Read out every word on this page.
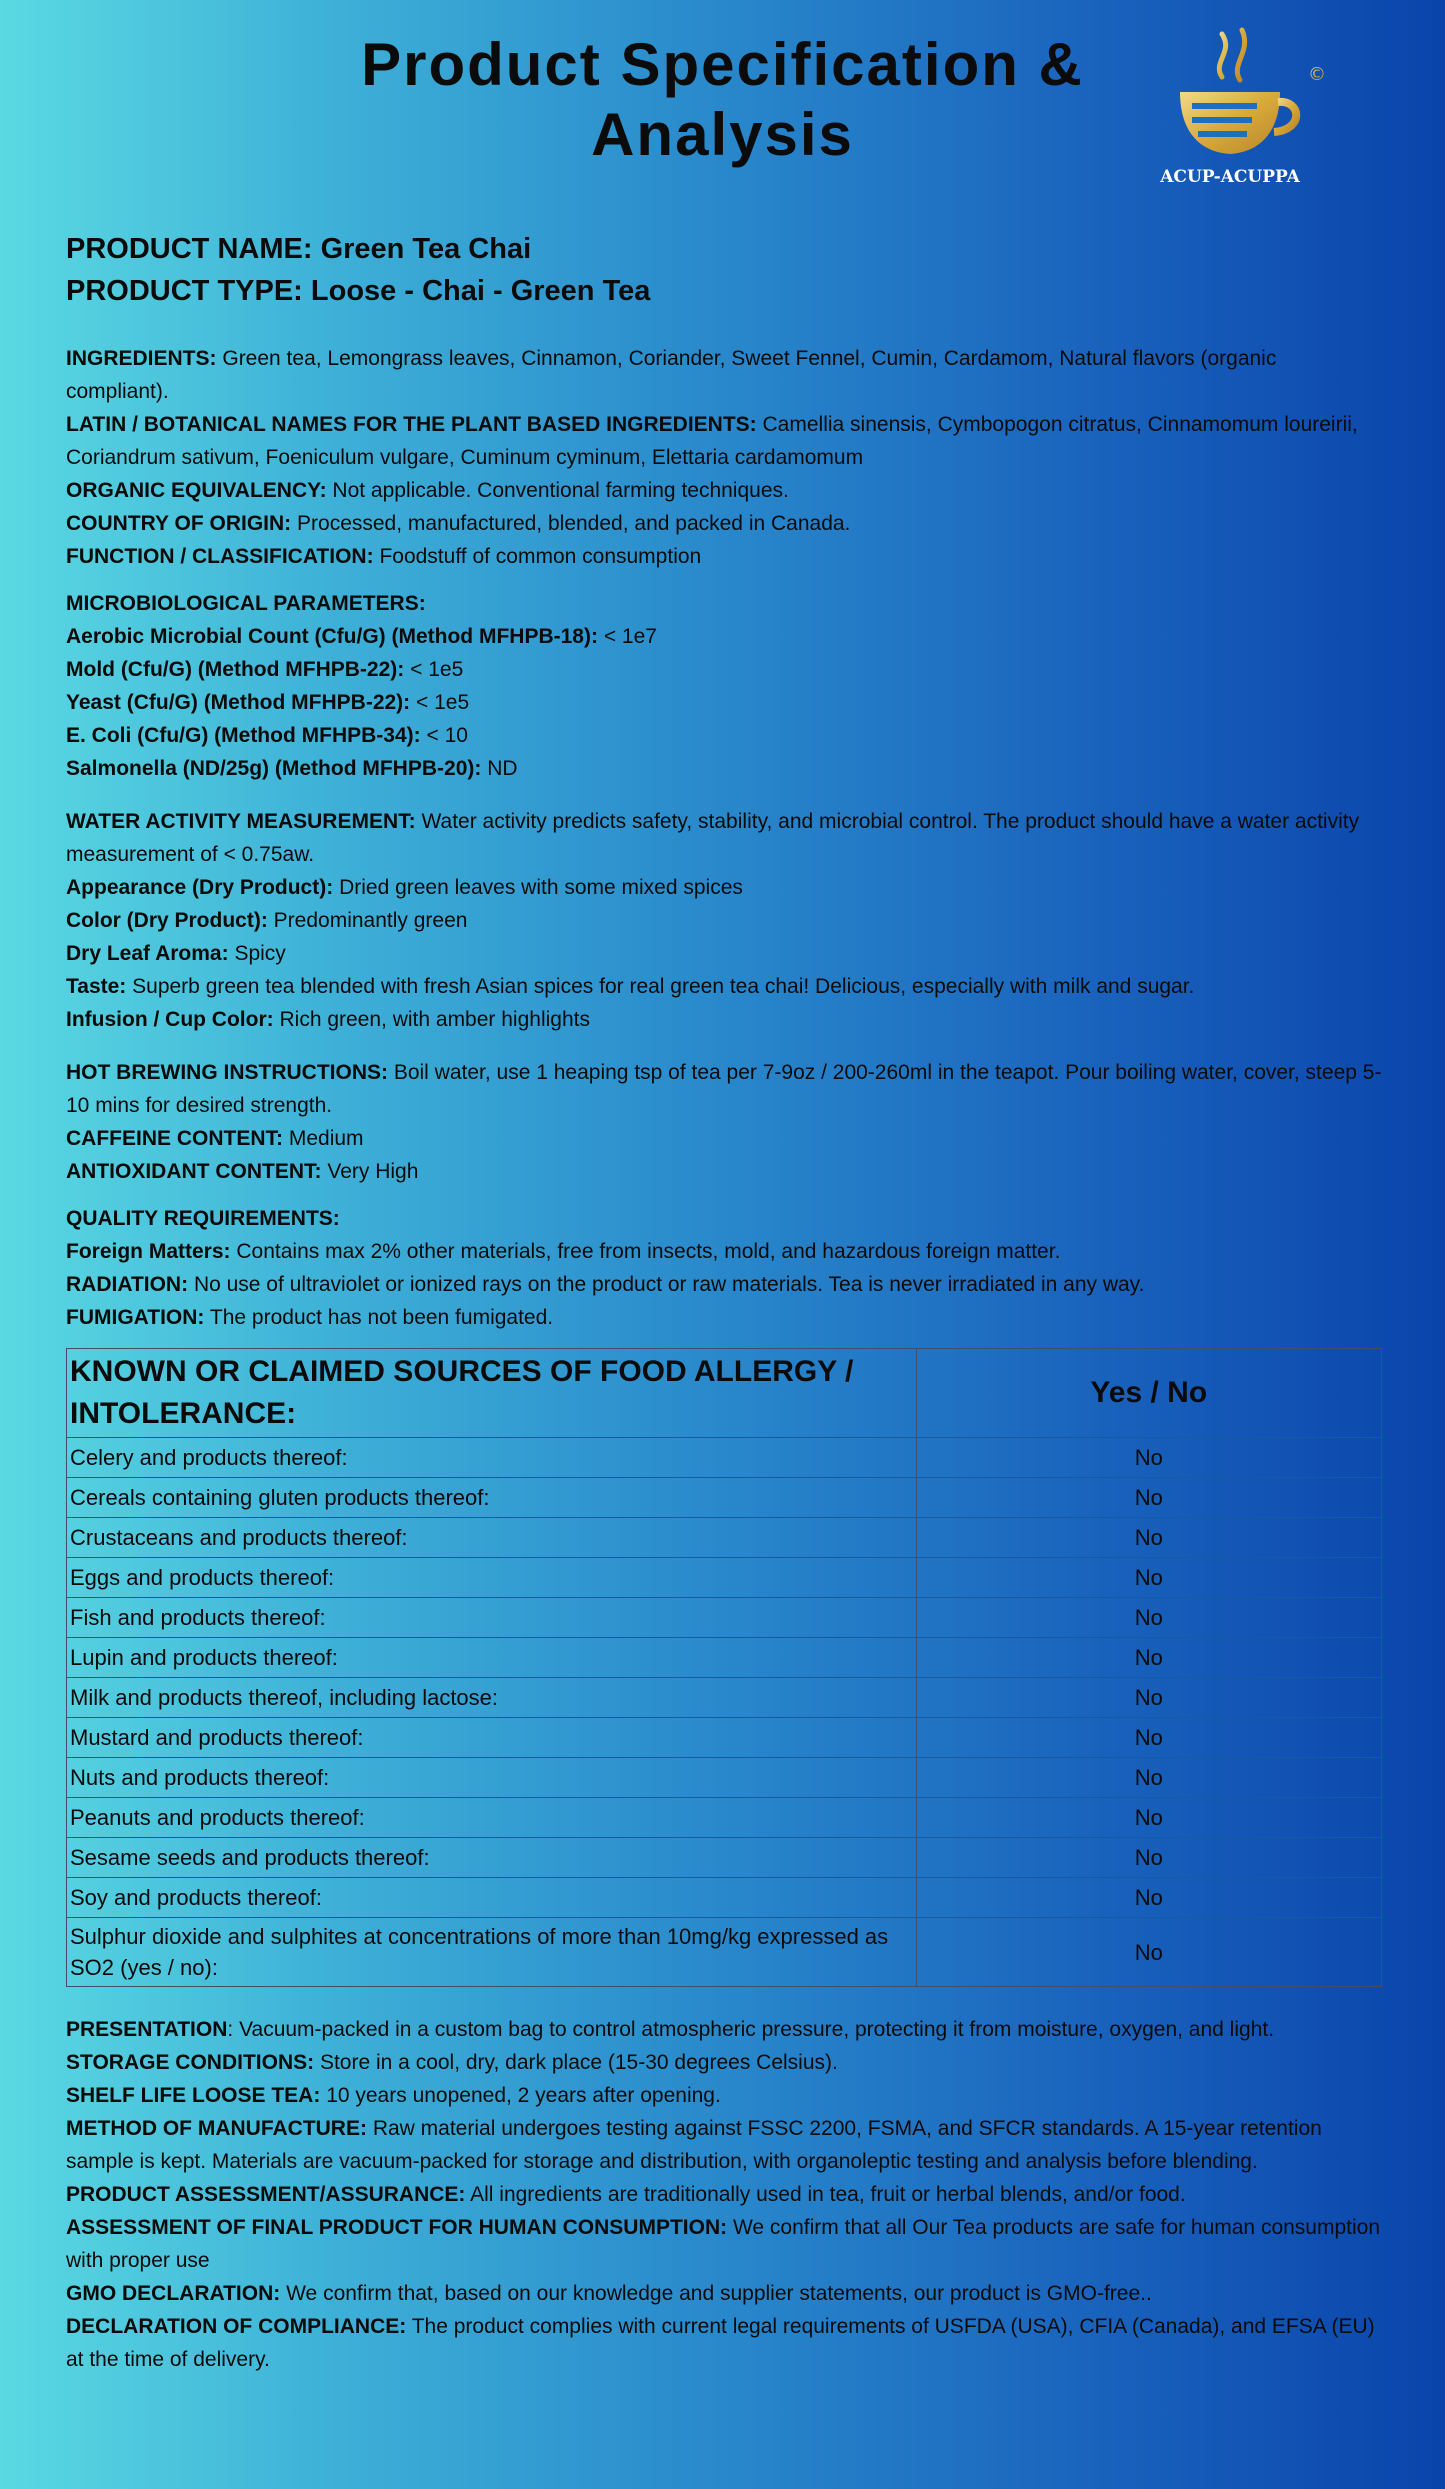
Product Specification & Analysis
©
ACUP-ACUPPA
PRODUCT NAME: Green Tea Chai
PRODUCT TYPE: Loose - Chai - Green Tea
INGREDIENTS: Green tea, Lemongrass leaves, Cinnamon, Coriander, Sweet Fennel, Cumin, Cardamom, Natural flavors (organic compliant).
LATIN / BOTANICAL NAMES FOR THE PLANT BASED INGREDIENTS: Camellia sinensis, Cymbopogon citratus, Cinnamomum loureirii, Coriandrum sativum, Foeniculum vulgare, Cuminum cyminum, Elettaria cardamomum
ORGANIC EQUIVALENCY: Not applicable. Conventional farming techniques.
COUNTRY OF ORIGIN: Processed, manufactured, blended, and packed in Canada.
FUNCTION / CLASSIFICATION: Foodstuff of common consumption
MICROBIOLOGICAL PARAMETERS:
Aerobic Microbial Count (Cfu/G) (Method MFHPB-18): < 1e7
Mold (Cfu/G) (Method MFHPB-22): < 1e5
Yeast (Cfu/G) (Method MFHPB-22): < 1e5
E. Coli (Cfu/G) (Method MFHPB-34): < 10
Salmonella (ND/25g) (Method MFHPB-20): ND
WATER ACTIVITY MEASUREMENT: Water activity predicts safety, stability, and microbial control. The product should have a water activity measurement of < 0.75aw.
Appearance (Dry Product): Dried green leaves with some mixed spices
Color (Dry Product): Predominantly green
Dry Leaf Aroma: Spicy
Taste: Superb green tea blended with fresh Asian spices for real green tea chai! Delicious, especially with milk and sugar.
Infusion / Cup Color: Rich green, with amber highlights
HOT BREWING INSTRUCTIONS: Boil water, use 1 heaping tsp of tea per 7-9oz / 200-260ml in the teapot. Pour boiling water, cover, steep 5-10 mins for desired strength.
CAFFEINE CONTENT: Medium
ANTIOXIDANT CONTENT: Very High
QUALITY REQUIREMENTS:
Foreign Matters: Contains max 2% other materials, free from insects, mold, and hazardous foreign matter.
RADIATION: No use of ultraviolet or ionized rays on the product or raw materials. Tea is never irradiated in any way.
FUMIGATION: The product has not been fumigated.
KNOWN OR CLAIMED SOURCES OF FOOD ALLERGY / INTOLERANCE:	Yes / No
Celery and products thereof:	No
Cereals containing gluten products thereof:	No
Crustaceans and products thereof:	No
Eggs and products thereof:	No
Fish and products thereof:	No
Lupin and products thereof:	No
Milk and products thereof, including lactose:	No
Mustard and products thereof:	No
Nuts and products thereof:	No
Peanuts and products thereof:	No
Sesame seeds and products thereof:	No
Soy and products thereof:	No
Sulphur dioxide and sulphites at concentrations of more than 10mg/kg expressed as SO2 (yes / no):	No
PRESENTATION: Vacuum-packed in a custom bag to control atmospheric pressure, protecting it from moisture, oxygen, and light.
STORAGE CONDITIONS: Store in a cool, dry, dark place (15-30 degrees Celsius).
SHELF LIFE LOOSE TEA: 10 years unopened, 2 years after opening.
METHOD OF MANUFACTURE: Raw material undergoes testing against FSSC 2200, FSMA, and SFCR standards. A 15-year retention sample is kept. Materials are vacuum-packed for storage and distribution, with organoleptic testing and analysis before blending.
PRODUCT ASSESSMENT/ASSURANCE: All ingredients are traditionally used in tea, fruit or herbal blends, and/or food.
ASSESSMENT OF FINAL PRODUCT FOR HUMAN CONSUMPTION: We confirm that all Our Tea products are safe for human consumption with proper use
GMO DECLARATION: We confirm that, based on our knowledge and supplier statements, our product is GMO-free..
DECLARATION OF COMPLIANCE: The product complies with current legal requirements of USFDA (USA), CFIA (Canada), and EFSA (EU) at the time of delivery.
